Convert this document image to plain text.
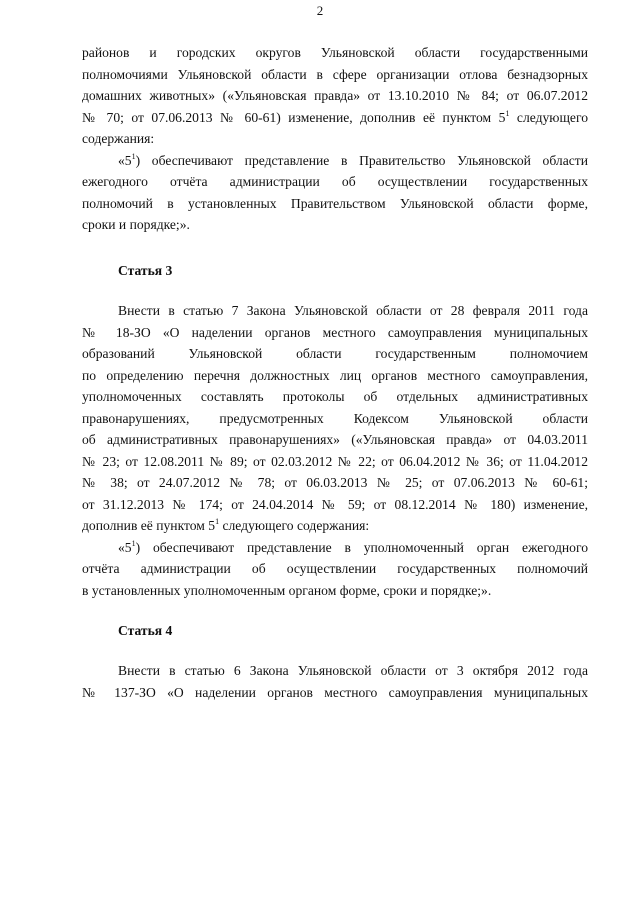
2
районов и городских округов Ульяновской области государственными
полномочиями Ульяновской области в сфере организации отлова безнадзорных
домашних животных» («Ульяновская правда» от 13.10.2010 № 84; от 06.07.2012
№ 70; от 07.06.2013 № 60-61) изменение, дополнив её пунктом $5^1$ следующего
содержания:
«$5^1$) обеспечивают представление в Правительство Ульяновской области
ежегодного отчёта администрации об осуществлении государственных
полномочий в установленных Правительством Ульяновской области форме,
сроки и порядке;».
Статья 3
Внести в статью 7 Закона Ульяновской области от 28 февраля 2011 года
№ 18-ЗО «О наделении органов местного самоуправления муниципальных
образований Ульяновской области государственным полномочием
по определению перечня должностных лиц органов местного самоуправления,
уполномоченных составлять протоколы об отдельных административных
правонарушениях, предусмотренных Кодексом Ульяновской области
об административных правонарушениях» («Ульяновская правда» от 04.03.2011
№ 23; от 12.08.2011 № 89; от 02.03.2012 № 22; от 06.04.2012 № 36; от 11.04.2012
№ 38; от 24.07.2012 № 78; от 06.03.2013 № 25; от 07.06.2013 № 60-61;
от 31.12.2013 № 174; от 24.04.2014 № 59; от 08.12.2014 № 180) изменение,
дополнив её пунктом $5^1$ следующего содержания:
«$5^1$) обеспечивают представление в уполномоченный орган ежегодного
отчёта администрации об осуществлении государственных полномочий
в установленных уполномоченным органом форме, сроки и порядке;».
Статья 4
Внести в статью 6 Закона Ульяновской области от 3 октября 2012 года
№ 137-ЗО «О наделении органов местного самоуправления муниципальных
